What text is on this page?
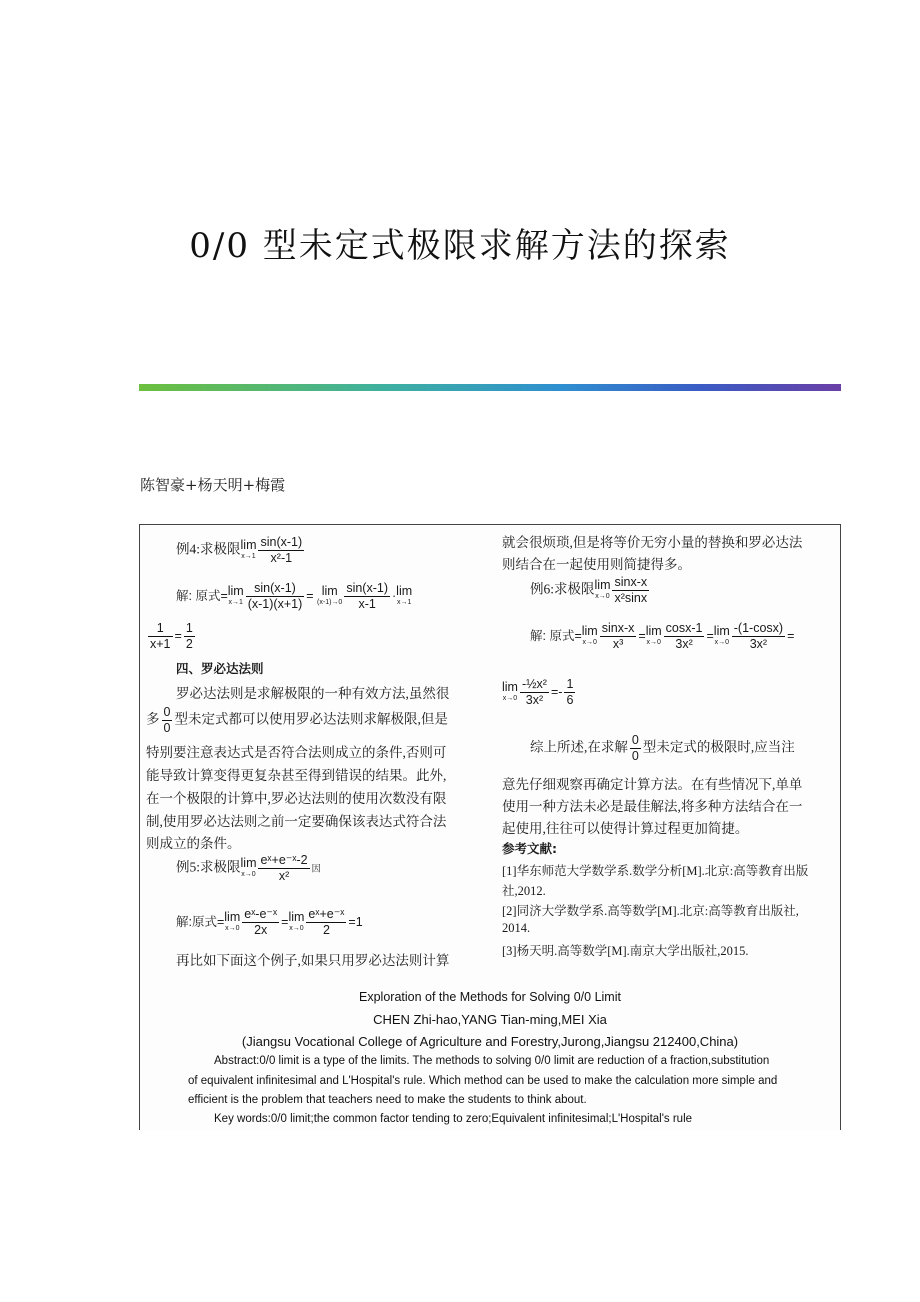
0/0 型未定式极限求解方法的探索
陈智豪+杨天明+梅霞
例4:求极限lim
$x\to 1 \frac{\sin(x-1)}{\text{x²-1}}$
解: 原式=lim
$x\to 1 \frac{\sin(x-1)}{(x-1)(x+1)} = \lim$
$(x-1)\to 0 \frac{\sin(x-1)}{x-1} \cdot\lim$
x→1
$\frac{1}{x+1} = \frac{1}{2}$
四、罗必达法则
罗必达法则是求解极限的一种有效方法,虽然很
多 $\frac{0}{0}$ 型未定式都可以使用罗必达法则求解极限,但是
特别要注意表达式是否符合法则成立的条件,否则可
能导致计算变得更复杂甚至得到错误的结果。此外,
在一个极限的计算中,罗必达法则的使用次数没有限
制,使用罗必达法则之前一定要确保该表达式符合法
则成立的条件。
例5:求极限lim
$x\to 0 \frac{\text{eˣ+e⁻ˣ-2}}{\text{x²}}$ 因
解:原式=lim
$x\to 0 \frac{\text{eˣ-e⁻ˣ}}{2x} =\lim$
$x\to 0 \frac{\text{eˣ+e⁻ˣ}}{2} =1$
再比如下面这个例子,如果只用罗必达法则计算
就会很烦琐,但是将等价无穷小量的替换和罗必达法
则结合在一起使用则简捷得多。
例6:求极限lim
$x\to 0 \frac{\sin x-x}{\text{x²sinx}}$
解: 原式=lim
$x\to 0 \frac{\sin x-x}{\text{x³}} =\lim$
$x\to 0 \frac{\cos x-1}{\text{3x²}} =\lim$
$x\to 0 \frac{-(1-\cos x)}{\text{3x²}}$ =
lim
$x\to 0 \frac{\text{-½x²}}{\text{3x²}} =- \frac{1}{6}$
综上所述,在求解 $\frac{0}{0}$ 型未定式的极限时,应当注
意先仔细观察再确定计算方法。在有些情况下,单单
使用一种方法未必是最佳解法,将多种方法结合在一
起使用,往往可以使得计算过程更加简捷。
参考文献:
[1]华东师范大学数学系.数学分析[M].北京:高等教育出版
社,2012.
[2]同济大学数学系.高等数学[M].北京:高等教育出版社,
2014.
[3]杨天明.高等数学[M].南京大学出版社,2015.
Exploration of the Methods for Solving 0/0 Limit
CHEN Zhi-hao,YANG Tian-ming,MEI Xia
(Jiangsu Vocational College of Agriculture and Forestry,Jurong,Jiangsu 212400,China)
Abstract:0/0 limit is a type of the limits. The methods to solving 0/0 limit are reduction of a fraction,substitution
of equivalent infinitesimal and L'Hospital's rule. Which method can be used to make the calculation more simple and
efficient is the problem that teachers need to make the students to think about.
Key words:0/0 limit;the common factor tending to zero;Equivalent infinitesimal;L'Hospital's rule
